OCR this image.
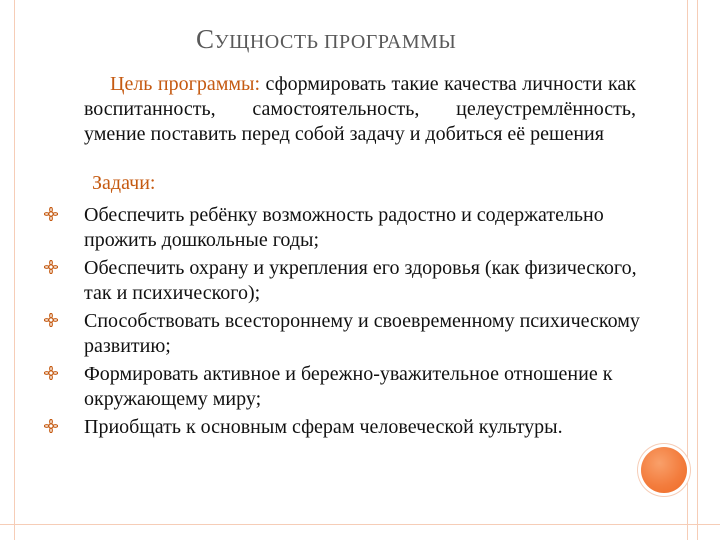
СУЩНОСТЬ ПРОГРАММЫ
Цель программы: сформировать такие качества личности как воспитанность, самостоятельность, целеустремлённость, умение поставить перед собой задачу и добиться её решения
Задачи:
Обеспечить ребёнку возможность радостно и содержательно прожить дошкольные годы;
Обеспечить охрану и укрепления его здоровья (как физического, так и психического);
Способствовать всестороннему и своевременному психическому развитию;
Формировать активное и бережно-уважительное отношение к окружающему миру;
Приобщать к основным сферам человеческой культуры.
